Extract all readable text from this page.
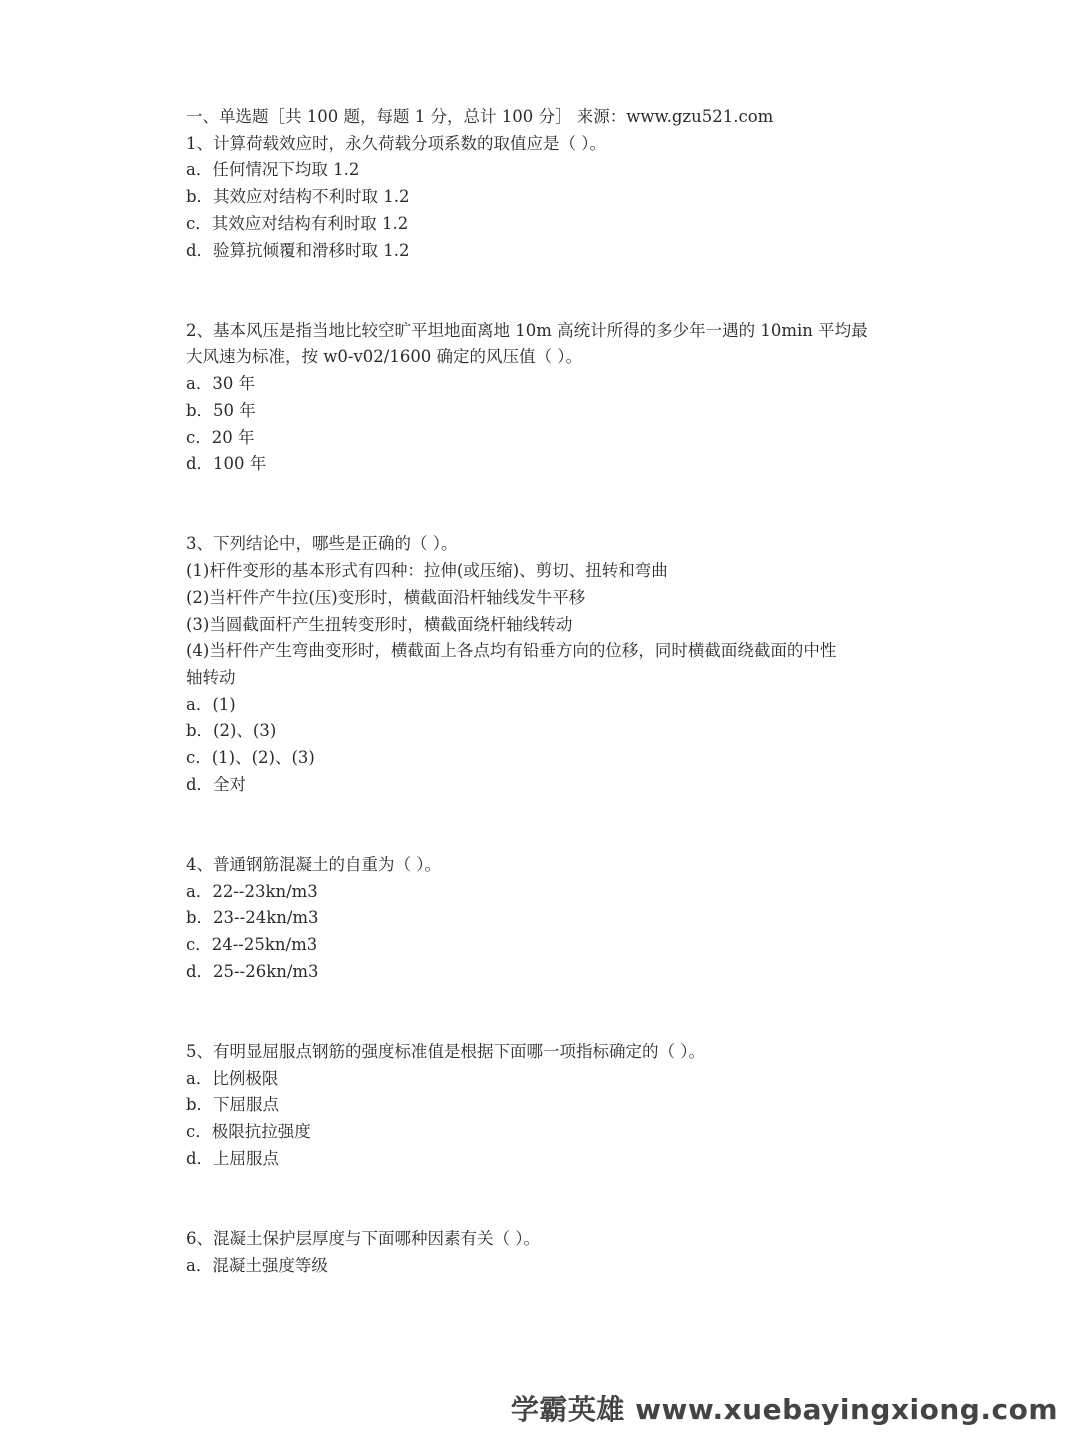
一、单选题［共 100 题，每题 1 分，总计 100 分］ 来源：www.gzu521.com

1、计算荷载效应时，永久荷载分项系数的取值应是（ ）。

a．任何情况下均取 1.2

b．其效应对结构不利时取 1.2

c．其效应对结构有利时取 1.2

d．验算抗倾覆和滑移时取 1.2

2、基本风压是指当地比较空旷平坦地面离地 10m 高统计所得的多少年一遇的 10min 平均最

大风速为标准，按 w0-v02/1600 确定的风压值（ ）。

a．30 年

b．50 年

c．20 年

d．100 年

3、下列结论中，哪些是正确的（ ）。

(1)杆件变形的基本形式有四种：拉伸(或压缩)、剪切、扭转和弯曲

(2)当杆件产牛拉(压)变形时，横截面沿杆轴线发牛平移

(3)当圆截面杆产生扭转变形时，横截面绕杆轴线转动

(4)当杆件产生弯曲变形时，横截面上各点均有铅垂方向的位移，同时横截面绕截面的中性

轴转动

a．(1)

b．(2)、(3)

c．(1)、(2)、(3)

d．全对

4、普通钢筋混凝土的自重为（ ）。

a．22--23kn/m3

b．23--24kn/m3

c．24--25kn/m3

d．25--26kn/m3

5、有明显屈服点钢筋的强度标准值是根据下面哪一项指标确定的（ ）。

a．比例极限

b．下屈服点

c．极限抗拉强度

d．上屈服点

6、混凝土保护层厚度与下面哪种因素有关（ ）。

a．混凝土强度等级

学霸英雄 www.xuebayingxiong.com
